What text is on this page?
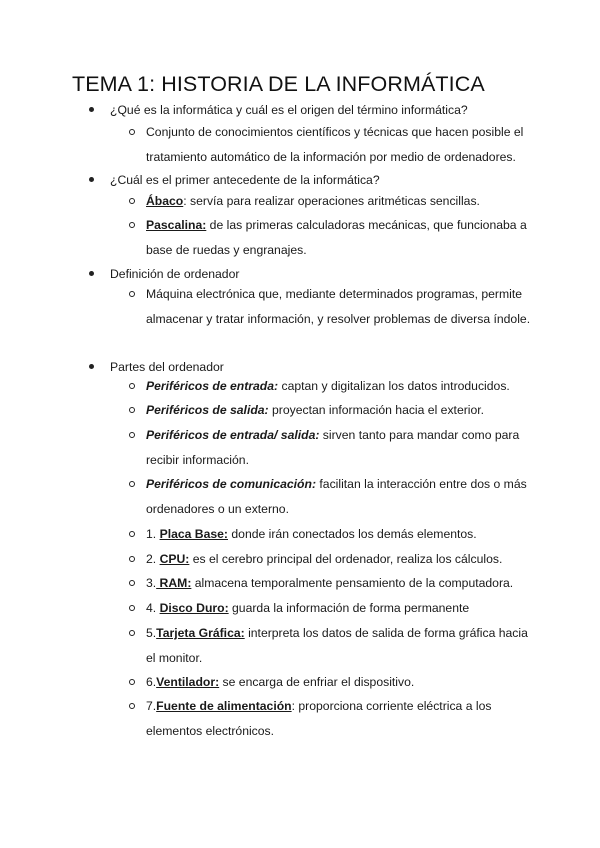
TEMA 1: HISTORIA DE LA INFORMÁTICA
¿Qué es la informática y cuál es el origen del término informática?
Conjunto de conocimientos científicos y técnicas que hacen posible el tratamiento automático de la información por medio de ordenadores.
¿Cuál es el primer antecedente de la informática?
Ábaco: servía para realizar operaciones aritméticas sencillas.
Pascalina: de las primeras calculadoras mecánicas, que funcionaba a base de ruedas y engranajes.
Definición de ordenador
Máquina electrónica que, mediante determinados programas, permite almacenar y tratar información, y resolver problemas de diversa índole.
Partes del ordenador
Periféricos de entrada: captan y digitalizan los datos introducidos.
Periféricos de salida: proyectan información hacia el exterior.
Periféricos de entrada/ salida: sirven tanto para mandar como para recibir información.
Periféricos de comunicación: facilitan la interacción entre dos o más ordenadores o un externo.
1. Placa Base: donde irán conectados los demás elementos.
2. CPU: es el cerebro principal del ordenador, realiza los cálculos.
3. RAM: almacena temporalmente pensamiento de la computadora.
4. Disco Duro: guarda la información de forma permanente
5.Tarjeta Gráfica: interpreta los datos de salida de forma gráfica hacia el monitor.
6.Ventilador: se encarga de enfriar el dispositivo.
7.Fuente de alimentación: proporciona corriente eléctrica a los elementos electrónicos.
